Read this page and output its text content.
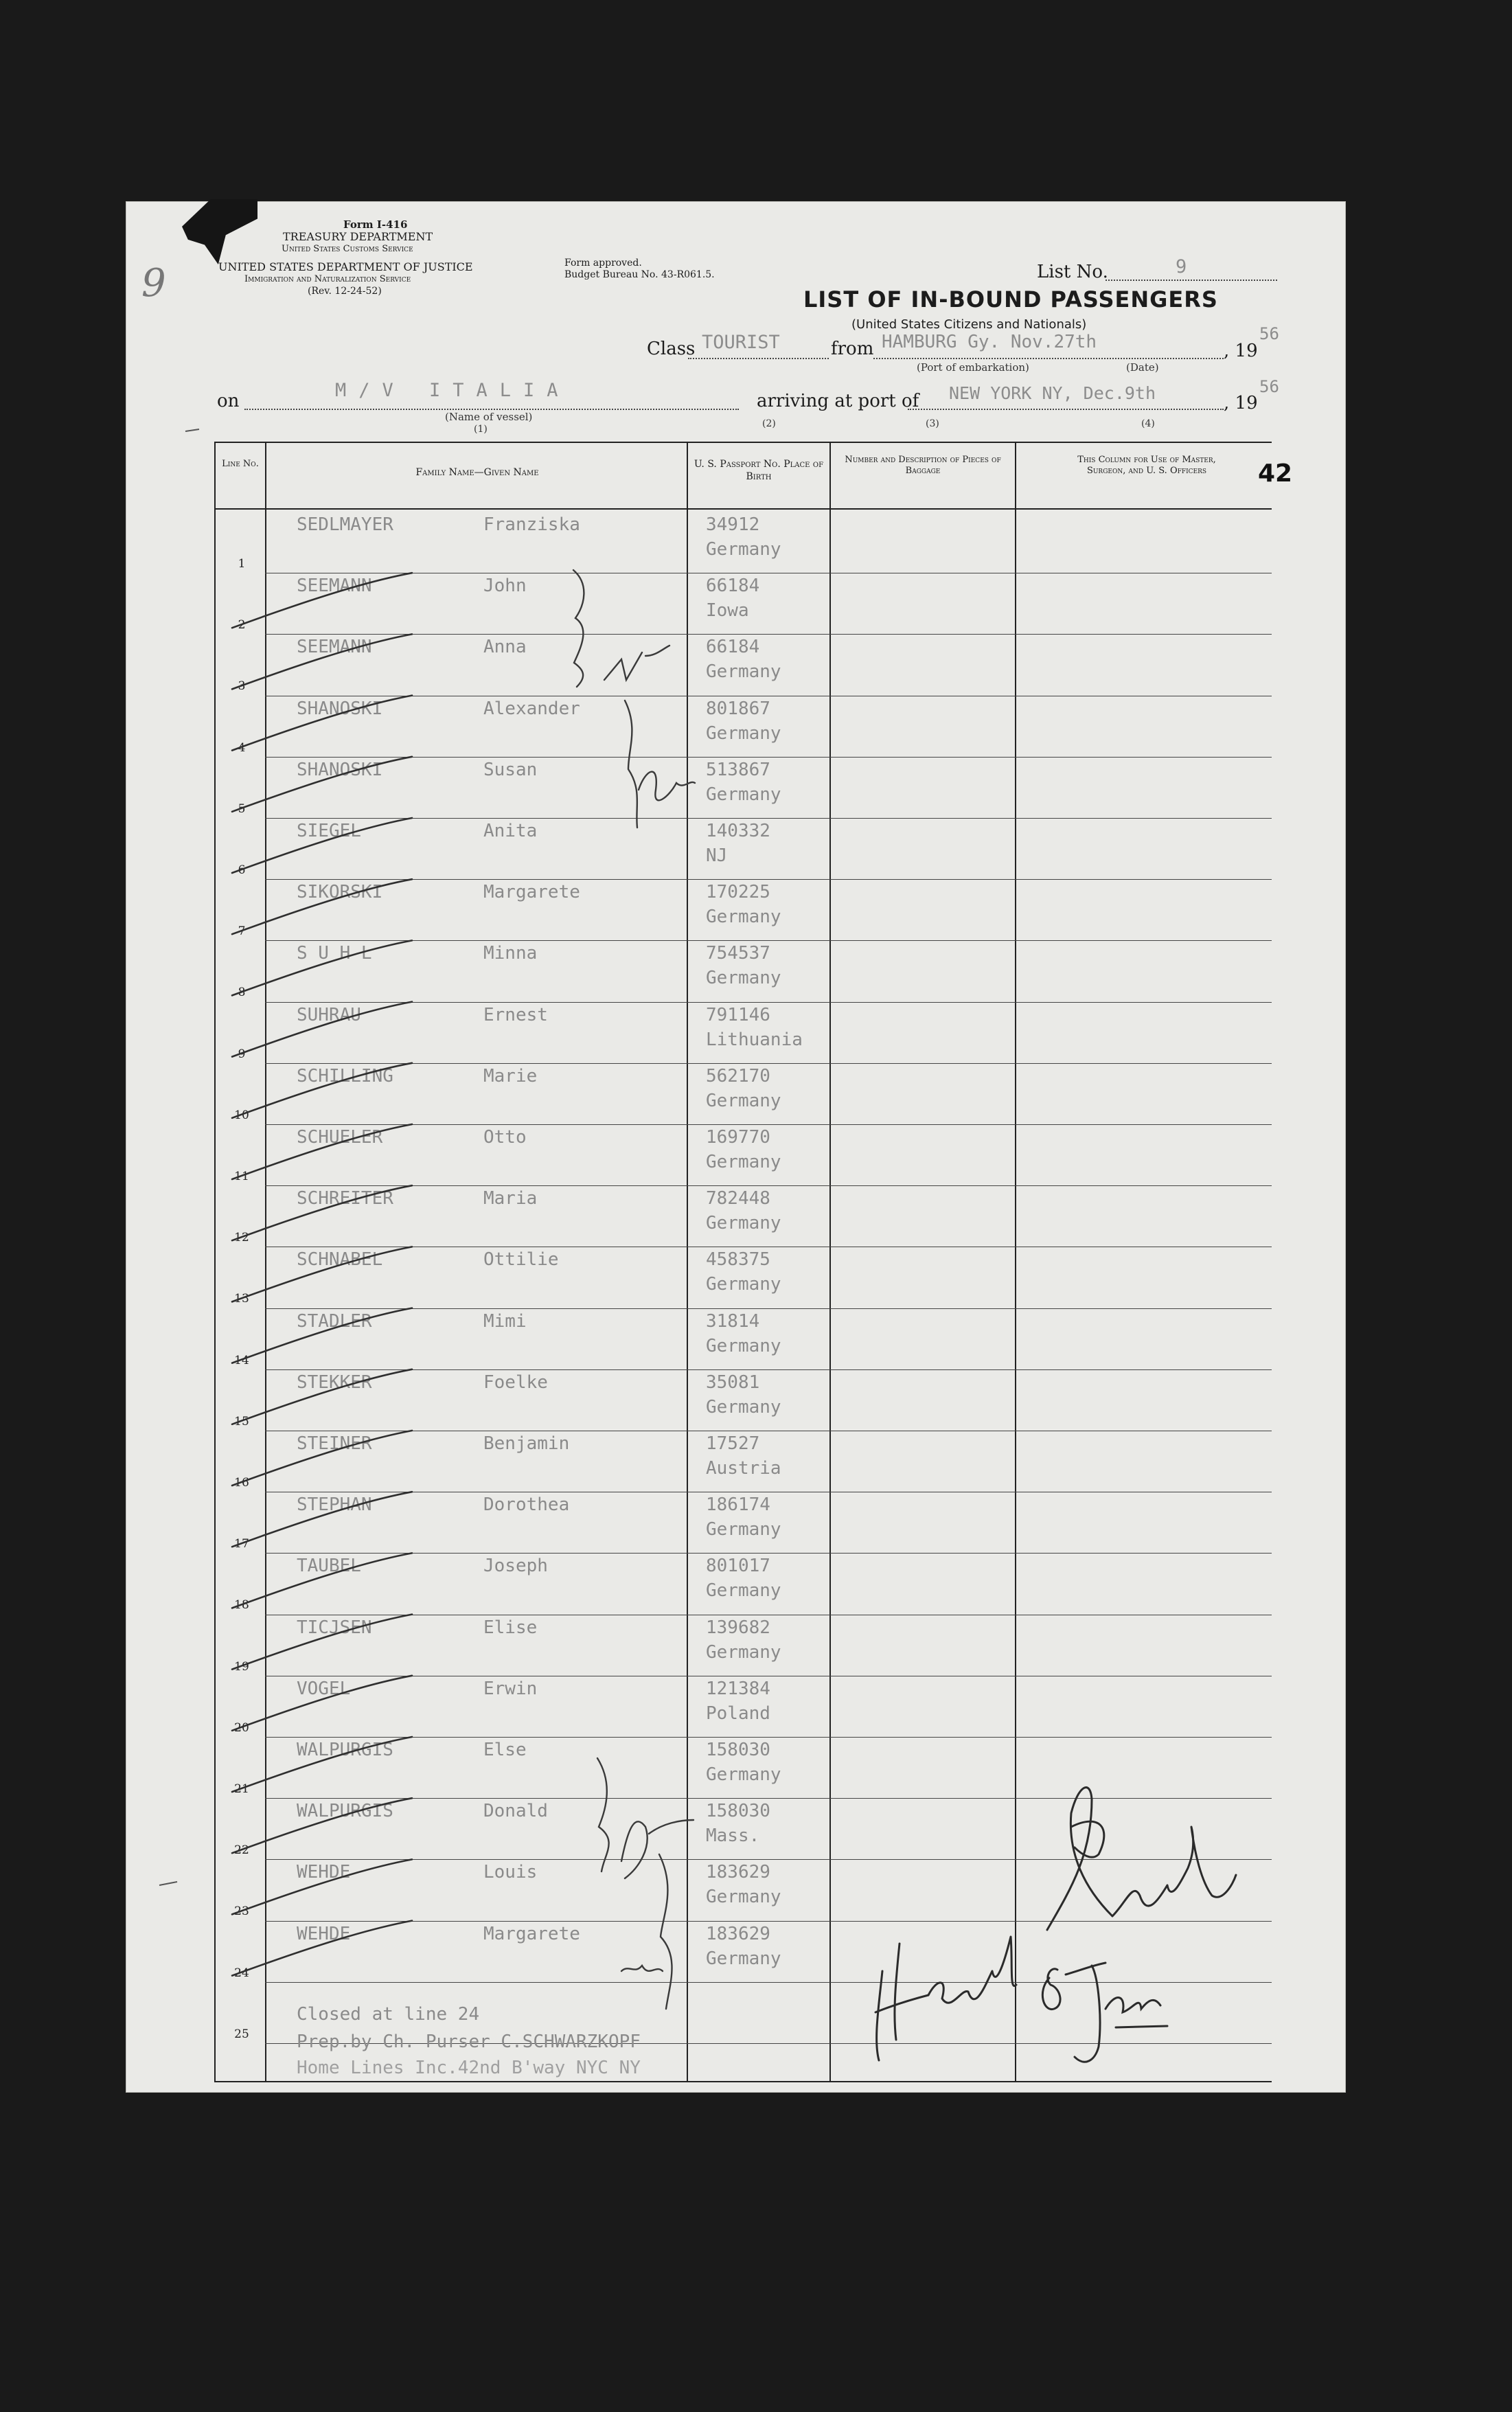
9
Form I-416
TREASURY DEPARTMENT
United States Customs Service
UNITED STATES DEPARTMENT OF JUSTICE
Immigration and Naturalization Service
(Rev. 12-24-52)
Form approved.
Budget Bureau No. 43-R061.5.	List No.	9
LIST OF IN-BOUND PASSENGERS
(United States Citizens and Nationals)
Class TOURIST	from HAMBURG Gy. Nov.27th	, 19
56
(Port of embarkation)	(Date)
on	M/V ITALIA	arriving at port of NEW YORK NY, Dec.9th	, 19
56
(Name of vessel)
(1)	(2)	(3)	(4)
42
Line No.
Family Name—Given Name
U. S. Passport No. Place of Birth
Number and Description of Pieces of Baggage
This Column for Use of Master, Surgeon, and U. S. Officers
1
SEDLMAYER	Franziska	34912
Germany
2
SEEMANN	John	66184
Iowa
3
SEEMANN	Anna	66184
Germany
4
SHANOSKI	Alexander	801867
Germany
5
SHANOSKI	Susan	513867
Germany
6
SIEGEL	Anita	140332
NJ
7
SIKORSKI	Margarete	170225
Germany
8
S U H L	Minna	754537
Germany
9
SUHRAU	Ernest	791146
Lithuania
10
SCHILLING	Marie	562170
Germany
11
SCHUELER	Otto	169770
Germany
12
SCHREITER	Maria	782448
Germany
13
SCHNABEL	Ottilie	458375
Germany
14
STADLER	Mimi	31814
Germany
15
STEKKER	Foelke	35081
Germany
16
STEINER	Benjamin	17527
Austria
17
STEPHAN	Dorothea	186174
Germany
18
TAUBEL	Joseph	801017
Germany
19
TICJSEN	Elise	139682
Germany
20
VOGEL	Erwin	121384
Poland
21
WALPURGIS	Else	158030
Germany
22
WALPURGIS	Donald	158030
Mass.
23
WEHDE	Louis	183629
Germany
24
WEHDE	Margarete	183629
Germany
25
Closed at line 24
Prep.by Ch. Purser C.SCHWARZKOPF
Home Lines Inc.42nd B'way NYC NY
